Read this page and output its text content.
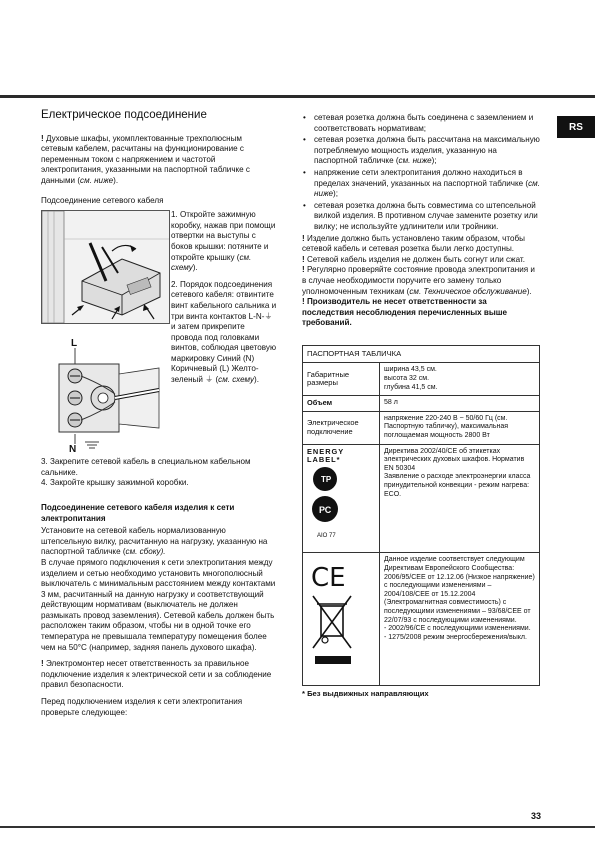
RS
Електрическое подсоединение

! Духовые шкафы, укомплектованные трехполюсным сетевым кабелем, расчитаны на функционирование с переменным током с напряжением и частотой электропитания, указанными на паспортной табличке с данными (см. ниже).

Подсоединение сетевого кабеля

L
N

1. Откройте зажимную коробку, нажав при помощи отвертки на выступы с боков крышки: потяните и откройте крышку (см. схему).

2. Порядок подсоединения сетевого кабеля: отвинтите винт кабельного сальника и три винта контактов L-N-⏚ и затем прикрепите провода под головками винтов, соблюдая цветовую маркировку Синий (N) Коричневый (L) Желто-зеленый ⏚ (см. схему).

3. Закрепите сетевой кабель в специальном кабельном сальнике.

4. Закройте крышку зажимной коробки.

Подсоединение сетевого кабеля изделия к сети электропитания

Установите на сетевой кабель нормализованную штепсельную вилку, расчитанную на нагрузку, указанную на паспортной табличке (см. сбоку).

В случае прямого подключения к сети электропитания между изделием и сетью необходимо установить многополюсный выключатель с минимальным расстоянием между контактами 3 мм, расчитанный на данную нагрузку и соответствующий действующим нормативам (выключатель не должен размыкать провод заземления). Сетевой кабель должен быть расположен таким образом, чтобы ни в одной точке его температура не превышала температуру помещения более чем на 50°C (например, задняя панель духового шкафа).

! Электромонтер несет ответственность за правильное подключение изделия к электрической сети и за соблюдение правил безопасности.

Перед подключением изделия к сети электропитания проверьте следующее:

• сетевая розетка должна быть соединена с заземлением и соответствовать нормативам;
• сетевая розетка должна быть рассчитана на максимальную потребляемую мощность изделия, указанную на паспортной табличке (см. ниже);
• напряжение сети электропитания должно находиться в пределах значений, указанных на паспортной табличке (см. ниже);
• сетевая розетка должна быть совместима со штепсельной вилкой изделия. В противном случае замените розетку или вилку; не используйте удлинители или тройники.

! Изделие должно быть установлено таким образом, чтобы сетевой кабель и сетевая розетка были легко доступны.

! Сетевой кабель изделия не должен быть согнут или сжат.

! Регулярно проверяйте состояние провода электропитания и в случае необходимости поручите его замену только уполномоченным техникам (см. Техническое обслуживание).

! Производитель не несет ответственности за последствия несоблюдения перечисленных выше требований.

ПАСПОРТНАЯ ТАБЛИЧКА	
Габаритные размеры	ширина 43,5 см.
высота 32 см.
глубина 41,5 см.
Объем	58 л
Электрическое подключение	напряжение 220-240 В ~ 50/60 Гц (см. Паспортную табличку), максимальная поглощаемая мощность 2800 Вт

ENERGY LABEL*
ТР
РС
AIO 77	Директива 2002/40/CE об этикетках электрических духовых шкафов. Норматив EN 50304
Заявление о расходе электроэнергии класса принудительной конвекции - режим нагрева: ECO.

CE	Данное изделие соответствует следующим Директивам Европейского Сообщества: 2006/95/CEE от 12.12.06 (Низкое напряжение) с последующими изменениями – 2004/108/CEE от 15.12.2004 (Электромагнитная совместимость) с последующими изменениями – 93/68/CEE от 22/07/93 с последующими изменениями.
- 2002/96/CE с последующими изменениями.
- 1275/2008 режим энергосбережения/выкл.
* Без выдвижных направляющих
33
